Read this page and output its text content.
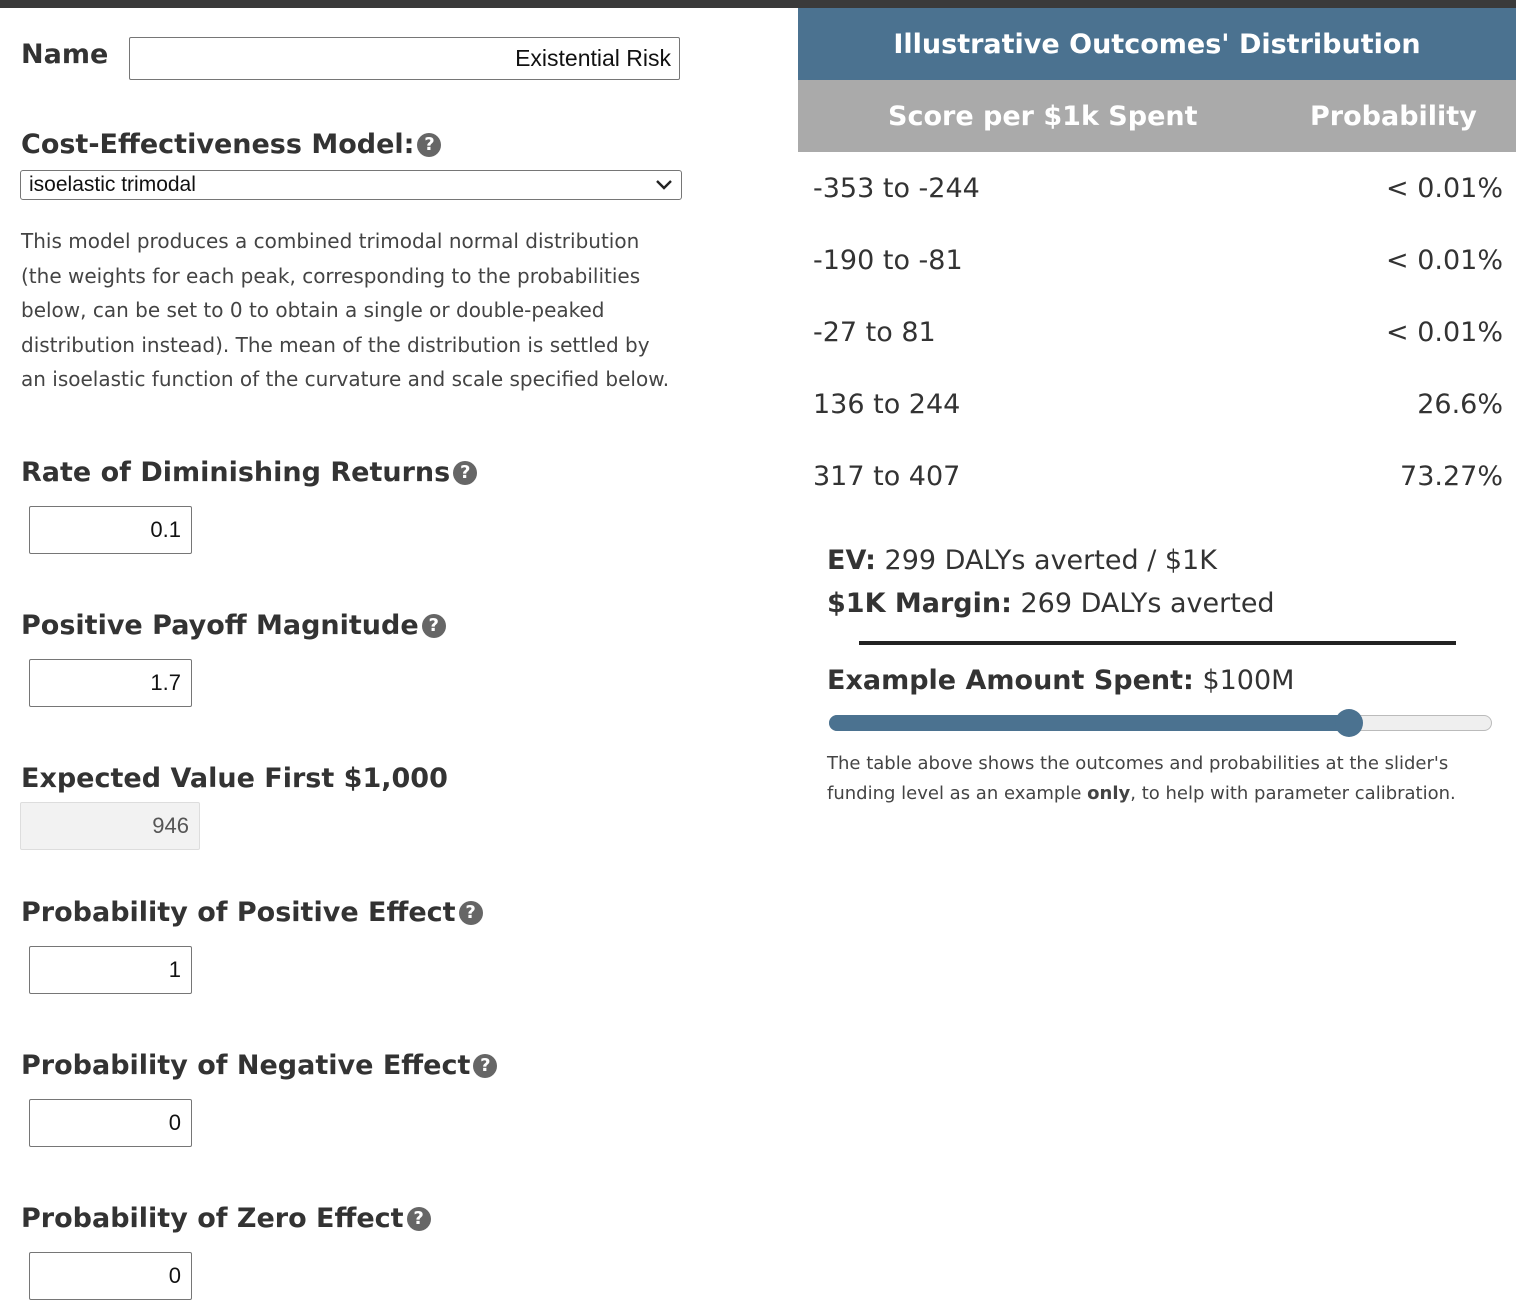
Name
Existential Risk
Cost-Effectiveness Model: ?
isoelastic trimodal

This model produces a combined trimodal normal distribution (the weights for each peak, corresponding to the probabilities below, can be set to 0 to obtain a single or double-peaked distribution instead). The mean of the distribution is settled by an isoelastic function of the curvature and scale specified below.

Rate of Diminishing Returns ?
0.1
Positive Payoff Magnitude ?
1.7
Expected Value First $1,000
946
Probability of Positive Effect ?
1
Probability of Negative Effect ?
0
Probability of Zero Effect ?
0
Illustrative Outcomes' Distribution
Score per $1k Spent	Probability
-353 to -244	< 0.01%
-190 to -81	< 0.01%
-27 to 81	< 0.01%
136 to 244	26.6%
317 to 407	73.27%
EV: 299 DALYs averted / $1K
$1K Margin: 269 DALYs averted
Example Amount Spent: $100M

The table above shows the outcomes and probabilities at the slider's funding level as an example only, to help with parameter calibration.
